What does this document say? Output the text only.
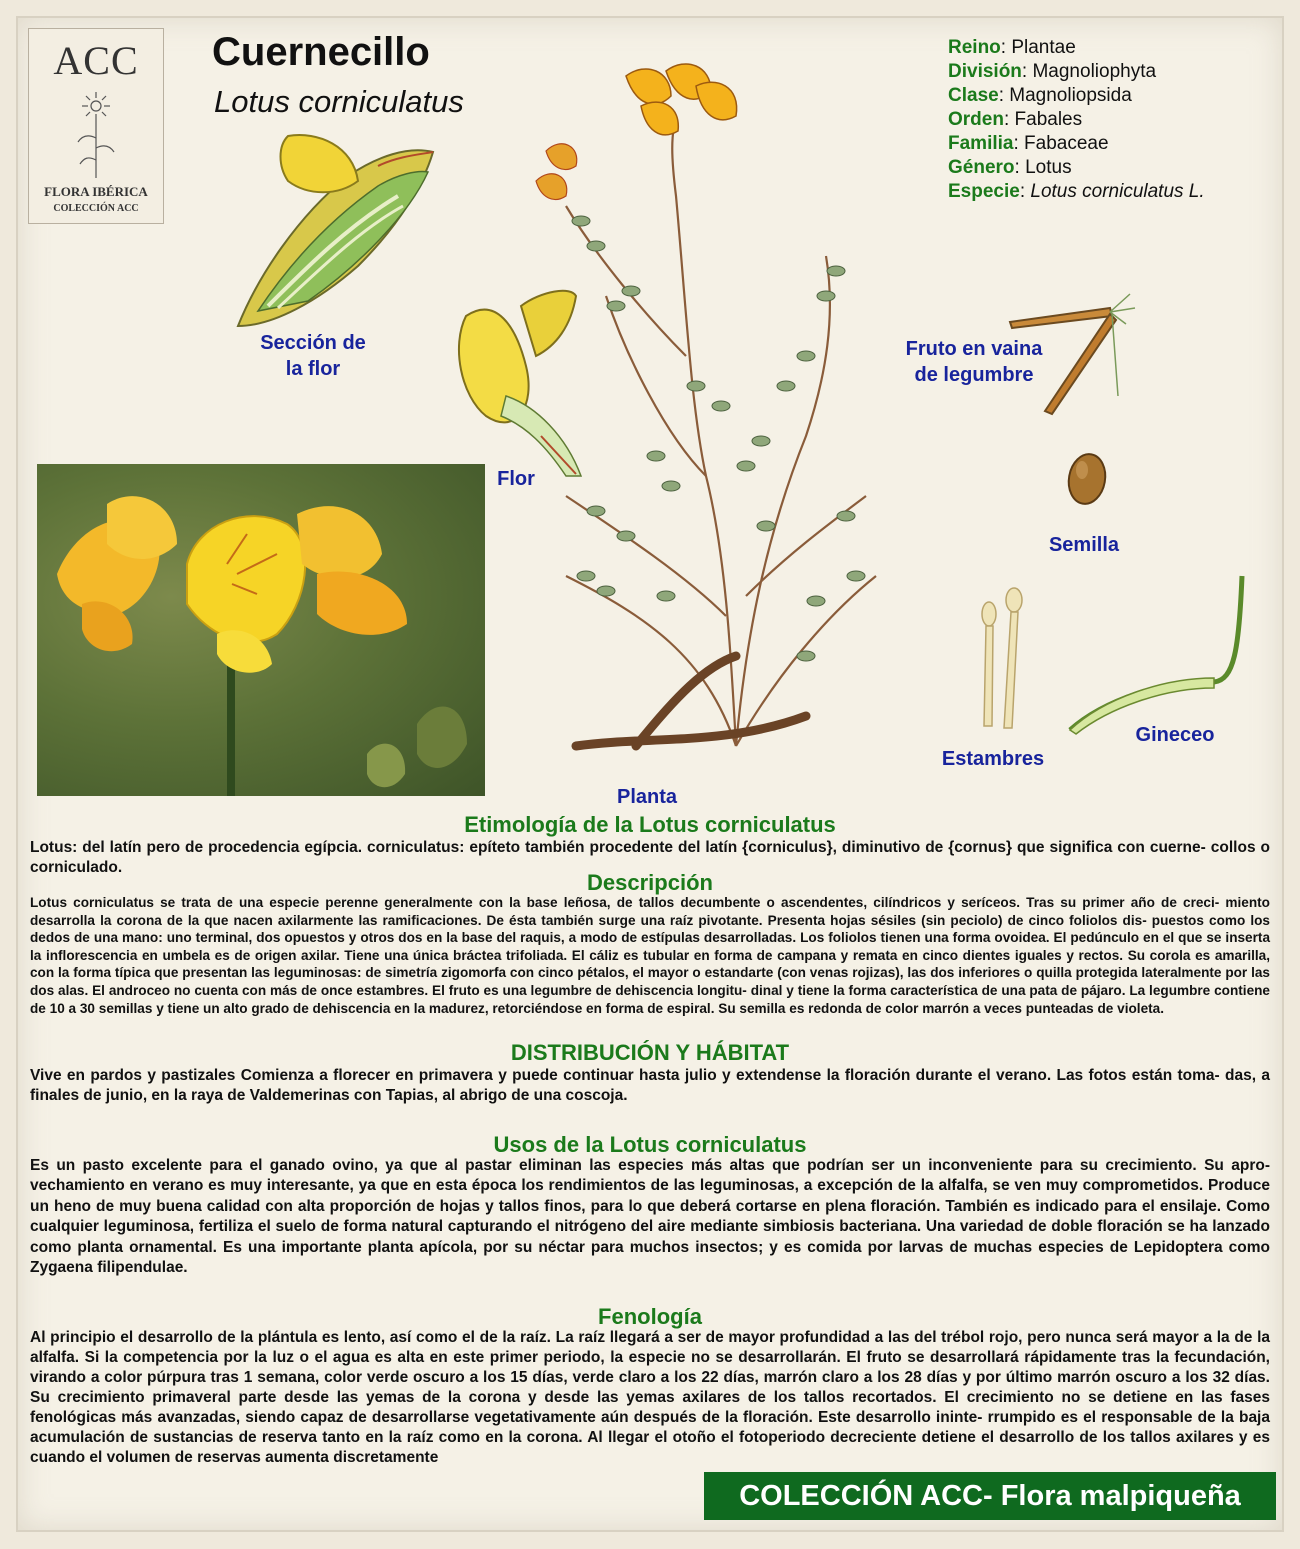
ACC
FLORA IBÉRICA
COLECCIÓN ACC
Cuernecillo
Lotus corniculatus
Reino: Plantae
División: Magnoliophyta
Clase: Magnoliopsida
Orden: Fabales
Familia: Fabaceae
Género: Lotus
Especie: Lotus corniculatus L.
Sección de
la flor
Flor
Planta
Fruto en vaina
de legumbre
Semilla
Estambres
Gineceo
Etimología de la Lotus corniculatus
Lotus: del latín pero de procedencia egípcia. corniculatus: epíteto también procedente del latín {corniculus}, diminutivo de {cornus} que significa con cuerne- collos o corniculado.
Descripción
Lotus corniculatus se trata de una especie perenne generalmente con la base leñosa, de tallos decumbente o ascendentes, cilíndricos y seríceos. Tras su primer año de creci- miento desarrolla la corona de la que nacen axilarmente las ramificaciones. De ésta también surge una raíz pivotante. Presenta hojas sésiles (sin peciolo) de cinco foliolos dis- puestos como los dedos de una mano: uno terminal, dos opuestos y otros dos en la base del raquis, a modo de estípulas desarrolladas. Los foliolos tienen una forma ovoidea. El pedúnculo en el que se inserta la inflorescencia en umbela es de origen axilar. Tiene una única bráctea trifoliada. El cáliz es tubular en forma de campana y remata en cinco dientes iguales y rectos. Su corola es amarilla, con la forma típica que presentan las leguminosas: de simetría zigomorfa con cinco pétalos, el mayor o estandarte (con venas rojizas), las dos inferiores o quilla protegida lateralmente por las dos alas. El androceo no cuenta con más de once estambres. El fruto es una legumbre de dehiscencia longitu- dinal y tiene la forma característica de una pata de pájaro. La legumbre contiene de 10 a 30 semillas y tiene un alto grado de dehiscencia en la madurez, retorciéndose en forma de espiral. Su semilla es redonda de color marrón a veces punteadas de violeta.
DISTRIBUCIÓN Y HÁBITAT
Vive en pardos y pastizales Comienza a florecer en primavera y puede continuar hasta julio y extendense la floración durante el verano. Las fotos están toma- das, a finales de junio, en la raya de Valdemerinas con Tapias, al abrigo de una coscoja.
Usos de la Lotus corniculatus
Es un pasto excelente para el ganado ovino, ya que al pastar eliminan las especies más altas que podrían ser un inconveniente para su crecimiento. Su apro- vechamiento en verano es muy interesante, ya que en esta época los rendimientos de las leguminosas, a excepción de la alfalfa, se ven muy comprometidos. Produce un heno de muy buena calidad con alta proporción de hojas y tallos finos, para lo que deberá cortarse en plena floración. También es indicado para el ensilaje. Como cualquier leguminosa, fertiliza el suelo de forma natural capturando el nitrógeno del aire mediante simbiosis bacteriana. Una variedad de doble floración se ha lanzado como planta ornamental. Es una importante planta apícola, por su néctar para muchos insectos; y es comida por larvas de muchas especies de Lepidoptera como Zygaena filipendulae.
Fenología
Al principio el desarrollo de la plántula es lento, así como el de la raíz. La raíz llegará a ser de mayor profundidad a las del trébol rojo, pero nunca será mayor a la de la alfalfa. Si la competencia por la luz o el agua es alta en este primer periodo, la especie no se desarrollarán. El fruto se desarrollará rápidamente tras la fecundación, virando a color púrpura tras 1 semana, color verde oscuro a los 15 días, verde claro a los 22 días, marrón claro a los 28 días y por último marrón oscuro a los 32 días. Su crecimiento primaveral parte desde las yemas de la corona y desde las yemas axilares de los tallos recortados. El crecimiento no se detiene en las fases fenológicas más avanzadas, siendo capaz de desarrollarse vegetativamente aún después de la floración. Este desarrollo ininte- rrumpido es el responsable de la baja acumulación de sustancias de reserva tanto en la raíz como en la corona. Al llegar el otoño el fotoperiodo decreciente detiene el desarrollo de los tallos axilares y es cuando el volumen de reservas aumenta discretamente
COLECCIÓN ACC- Flora malpiqueña
